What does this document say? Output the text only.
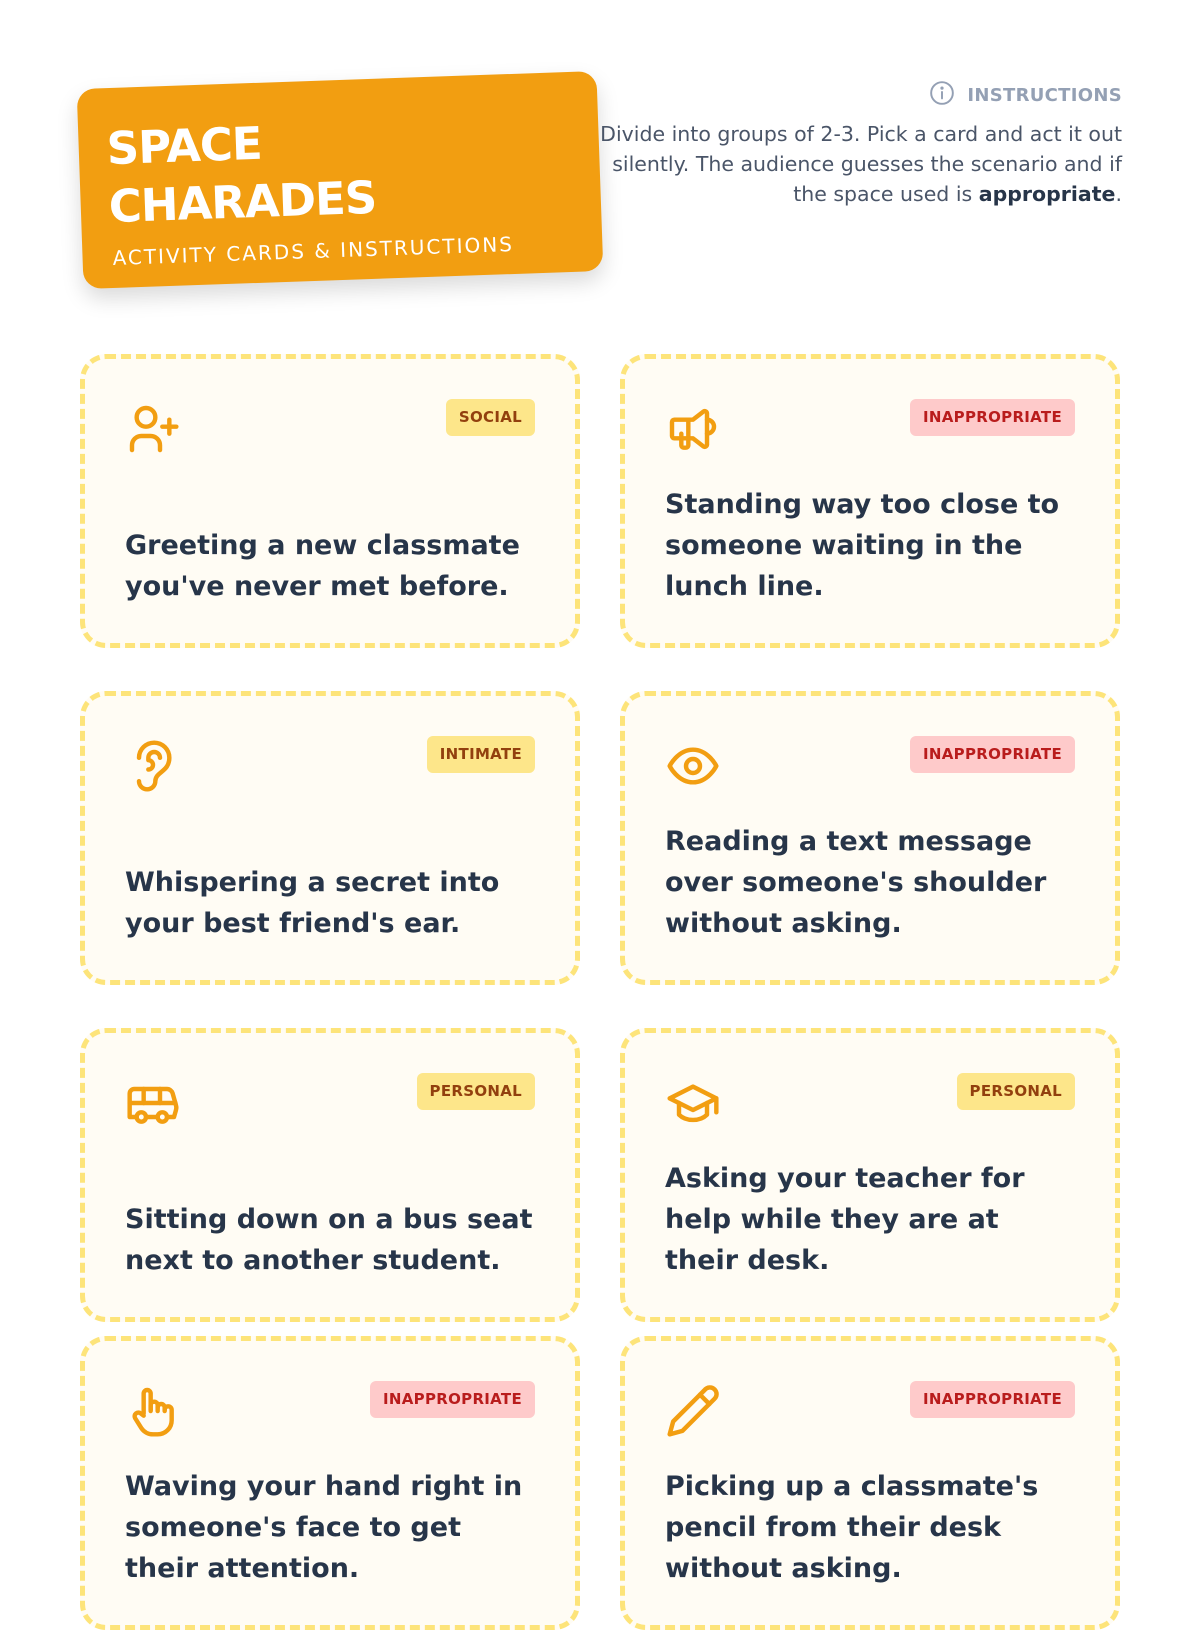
SPACE
CHARADES
ACTIVITY CARDS & INSTRUCTIONS
INSTRUCTIONS
Divide into groups of 2-3. Pick a card and act it out silently. The audience guesses the scenario and if the space used is appropriate.
SOCIAL
Greeting a new classmate you've never met before.
INAPPROPRIATE
Standing way too close to someone waiting in the lunch line.
INTIMATE
Whispering a secret into your best friend's ear.
INAPPROPRIATE
Reading a text message over someone's shoulder without asking.
PERSONAL
Sitting down on a bus seat next to another student.
PERSONAL
Asking your teacher for help while they are at their desk.
INAPPROPRIATE
Waving your hand right in someone's face to get their attention.
INAPPROPRIATE
Picking up a classmate's pencil from their desk without asking.
